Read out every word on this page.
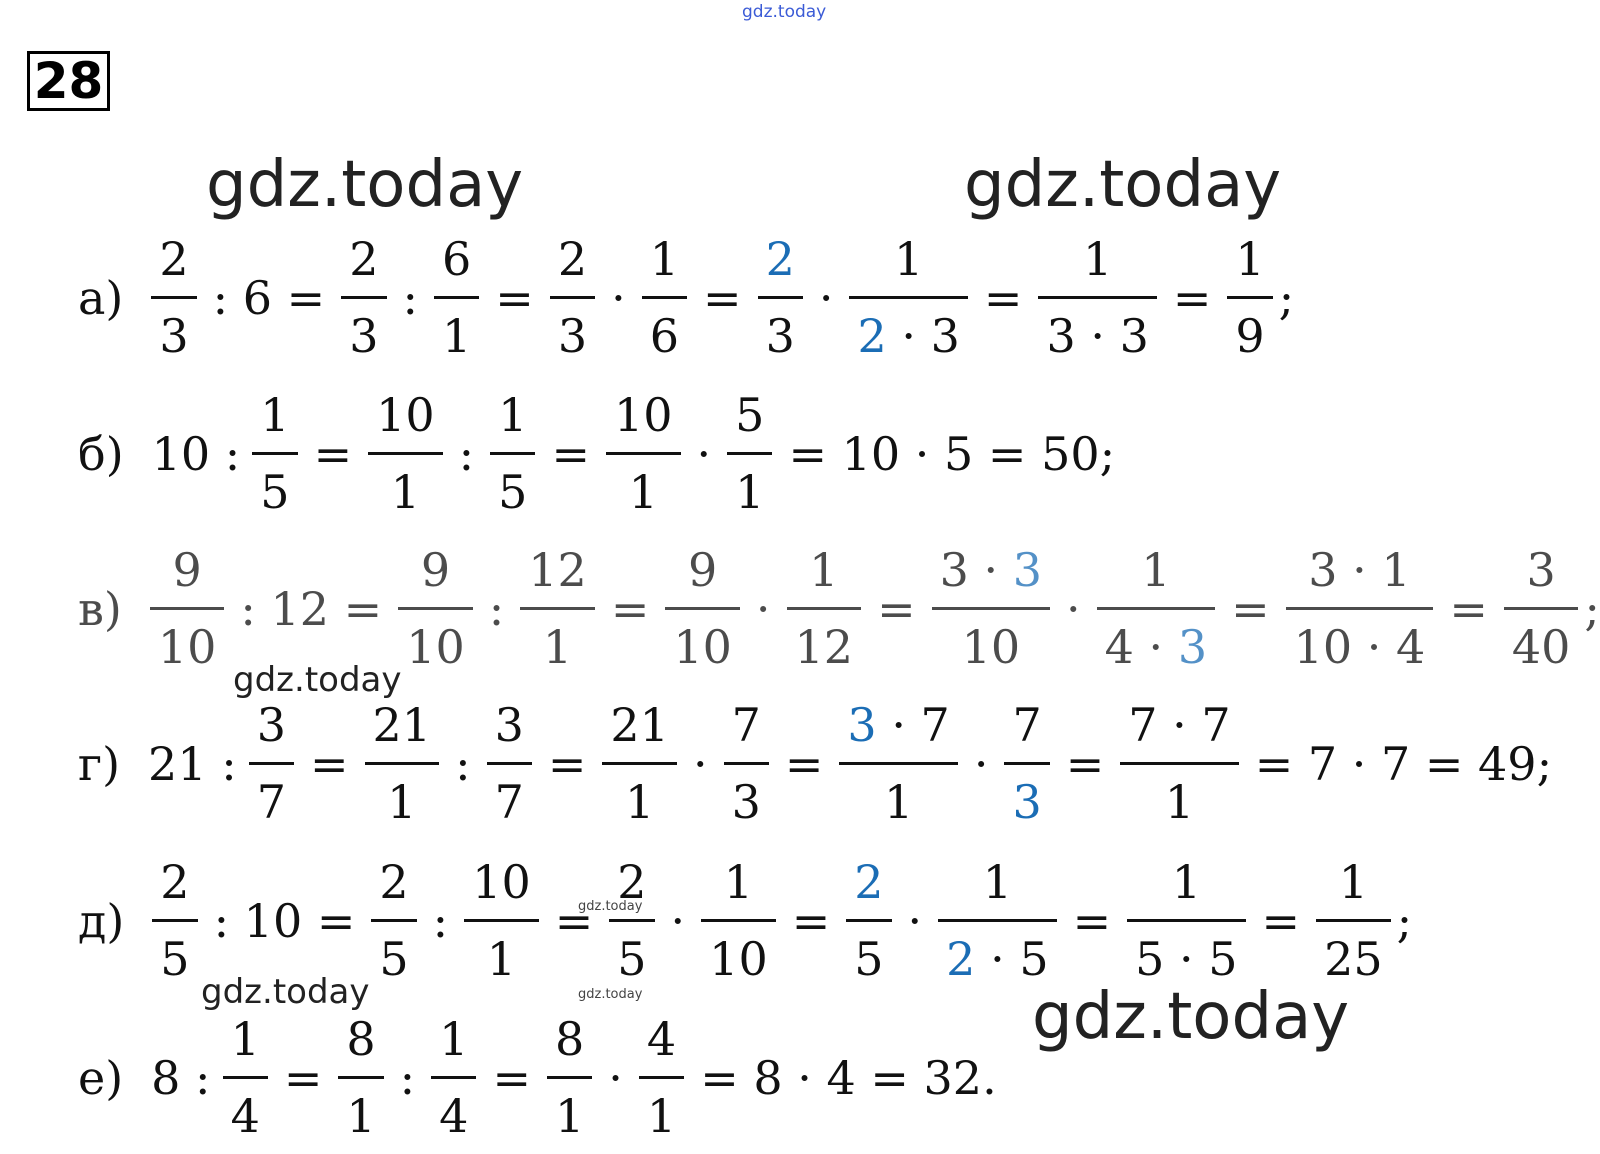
28
gdz.today
gdz.today	gdz.today
gdz.today
gdz.today
gdz.today
gdz.today	gdz.today
$а) \frac{2}{3}$ : $6 = \frac{2}{3}$ : $\frac{6}{1} = \frac{2}{3} \cdot \frac{1}{6} = \frac{2}{3} \cdot \frac{1}{2 \cdot 3} = \frac{1}{3 \cdot 3} = \frac{1}{9}$ ;
б) 10 : $\frac{1}{5} = \frac{10}{1}$ : $\frac{1}{5} = \frac{10}{1} \cdot \frac{5}{1} = 10 \cdot 5 = 50$;
$в) \frac{9}{10}$ : $12 = \frac{9}{10}$ : $\frac{12}{1} = \frac{9}{10} \cdot \frac{1}{12} = \frac{3 \cdot 3}{10} \cdot \frac{1}{4 \cdot 3} = \frac{3 \cdot 1}{10 \cdot 4} = \frac{3}{40}$ ;
г) 21 : $\frac{3}{7} = \frac{21}{1}$ : $\frac{3}{7} = \frac{21}{1} \cdot \frac{7}{3} = \frac{3 \cdot 7}{1} \cdot \frac{7}{3} = \frac{7 \cdot 7}{1} = 7 \cdot 7 = 49$;
$д) \frac{2}{5}$ : $10 = \frac{2}{5}$ : $\frac{10}{1} = \frac{2}{5} \cdot \frac{1}{10} = \frac{2}{5} \cdot \frac{1}{2 \cdot 5} = \frac{1}{5 \cdot 5} = \frac{1}{25}$ ;
е) 8 : $\frac{1}{4} = \frac{8}{1}$ : $\frac{1}{4} = \frac{8}{1} \cdot \frac{4}{1} = 8 \cdot 4 = 32$.
